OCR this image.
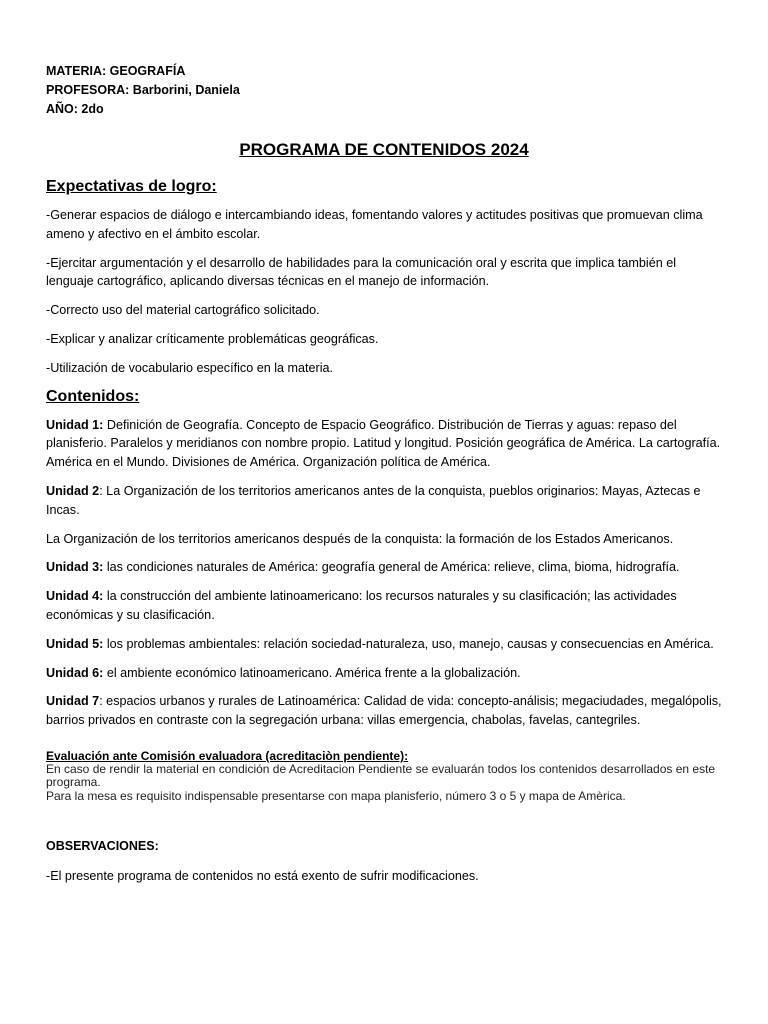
MATERIA: GEOGRAFÍA
PROFESORA: Barborini, Daniela
AÑO: 2do
PROGRAMA DE CONTENIDOS 2024
Expectativas de logro:

-Generar espacios de diálogo e intercambiando ideas, fomentando valores y actitudes positivas que promuevan clima ameno y afectivo en el ámbito escolar.

-Ejercitar argumentación y el desarrollo de habilidades para la comunicación oral y escrita que implica también el lenguaje cartográfico, aplicando diversas técnicas en el manejo de información.

-Correcto uso del material cartográfico solicitado.

-Explicar y analizar críticamente problemáticas geográficas.

-Utilización de vocabulario específico en la materia.

Contenidos:

Unidad 1: Definición de Geografía. Concepto de Espacio Geográfico. Distribución de Tierras y aguas: repaso del planisferio. Paralelos y meridianos con nombre propio. Latitud y longitud. Posición geográfica de América. La cartografía. América en el Mundo. Divisiones de América. Organización política de América.

Unidad 2: La Organización de los territorios americanos antes de la conquista, pueblos originarios: Mayas, Aztecas e Incas.

La Organización de los territorios americanos después de la conquista: la formación de los Estados Americanos.

Unidad 3: las condiciones naturales de América: geografía general de América: relieve, clima, bioma, hidrografía.

Unidad 4: la construcción del ambiente latinoamericano: los recursos naturales y su clasificación; las actividades económicas y su clasificación.

Unidad 5: los problemas ambientales: relación sociedad-naturaleza, uso, manejo, causas y consecuencias en América.

Unidad 6: el ambiente económico latinoamericano. América frente a la globalización.

Unidad 7: espacios urbanos y rurales de Latinoamérica: Calidad de vida: concepto-análisis; megaciudades, megalópolis, barrios privados en contraste con la segregación urbana: villas emergencia, chabolas, favelas, cantegriles.

Evaluación ante Comisión evaluadora (acreditaciòn pendiente):

En caso de rendir la material en condición de Acreditacion Pendiente se evaluarán todos los contenidos desarrollados en este programa.

Para la mesa es requisito indispensable presentarse con mapa planisferio, número 3 o 5 y mapa de Amèrica.

OBSERVACIONES:

-El presente programa de contenidos no está exento de sufrir modificaciones.
